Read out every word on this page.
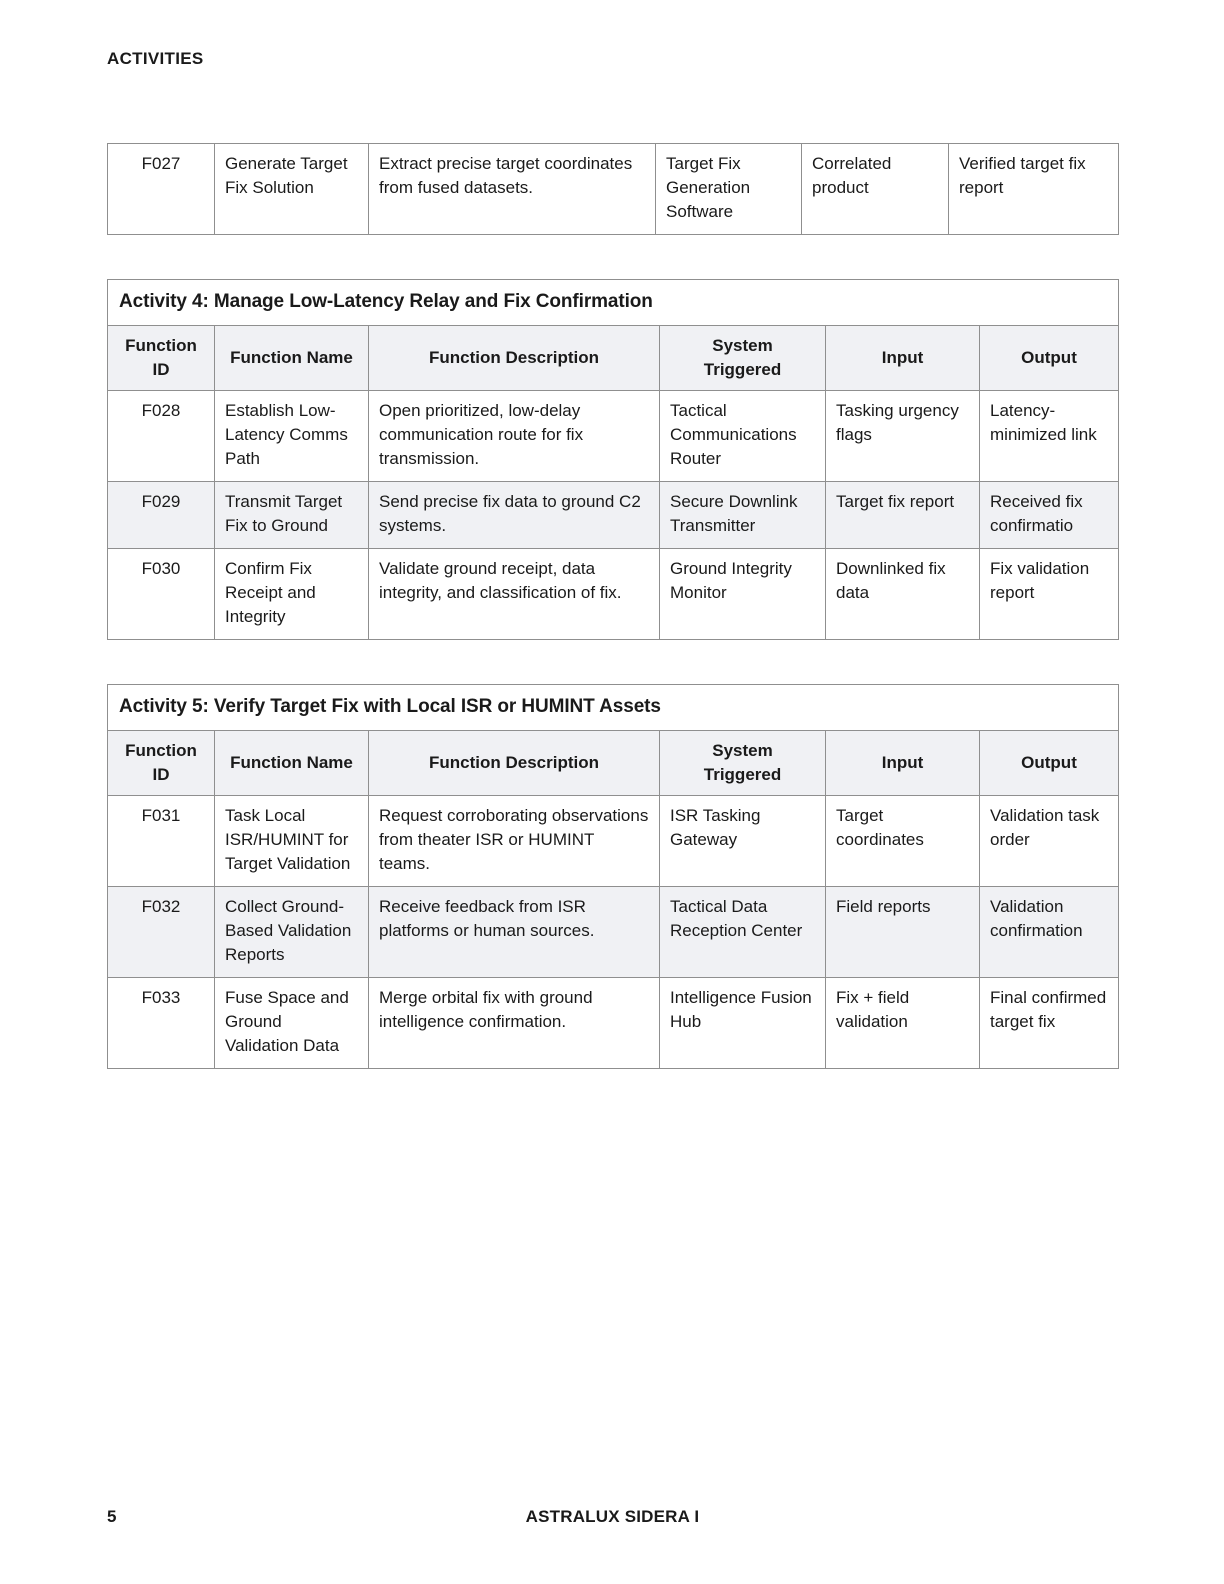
ACTIVITIES
F027	Generate Target Fix Solution	Extract precise target coordinates from fused datasets.	Target Fix Generation Software	Correlated product	Verified target fix report
Activity 4: Manage Low-Latency Relay and Fix Confirmation					
Function ID	Function Name	Function Description	System Triggered	Input	Output
F028	Establish Low-Latency Comms Path	Open prioritized, low-delay communication route for fix transmission.	Tactical Communications Router	Tasking urgency flags	Latency-minimized link
F029	Transmit Target Fix to Ground	Send precise fix data to ground C2 systems.	Secure Downlink Transmitter	Target fix report	Received fix confirmatio
F030	Confirm Fix Receipt and Integrity	Validate ground receipt, data integrity, and classification of fix.	Ground Integrity Monitor	Downlinked fix data	Fix validation report
Activity 5: Verify Target Fix with Local ISR or HUMINT Assets					
Function ID	Function Name	Function Description	System Triggered	Input	Output
F031	Task Local ISR/HUMINT for Target Validation	Request corroborating observations from theater ISR or HUMINT teams.	ISR Tasking Gateway	Target coordinates	Validation task order
F032	Collect Ground-Based Validation Reports	Receive feedback from ISR platforms or human sources.	Tactical Data Reception Center	Field reports	Validation confirmation
F033	Fuse Space and Ground Validation Data	Merge orbital fix with ground intelligence confirmation.	Intelligence Fusion Hub	Fix + field validation	Final confirmed target fix
5	ASTRALUX SIDERA I
